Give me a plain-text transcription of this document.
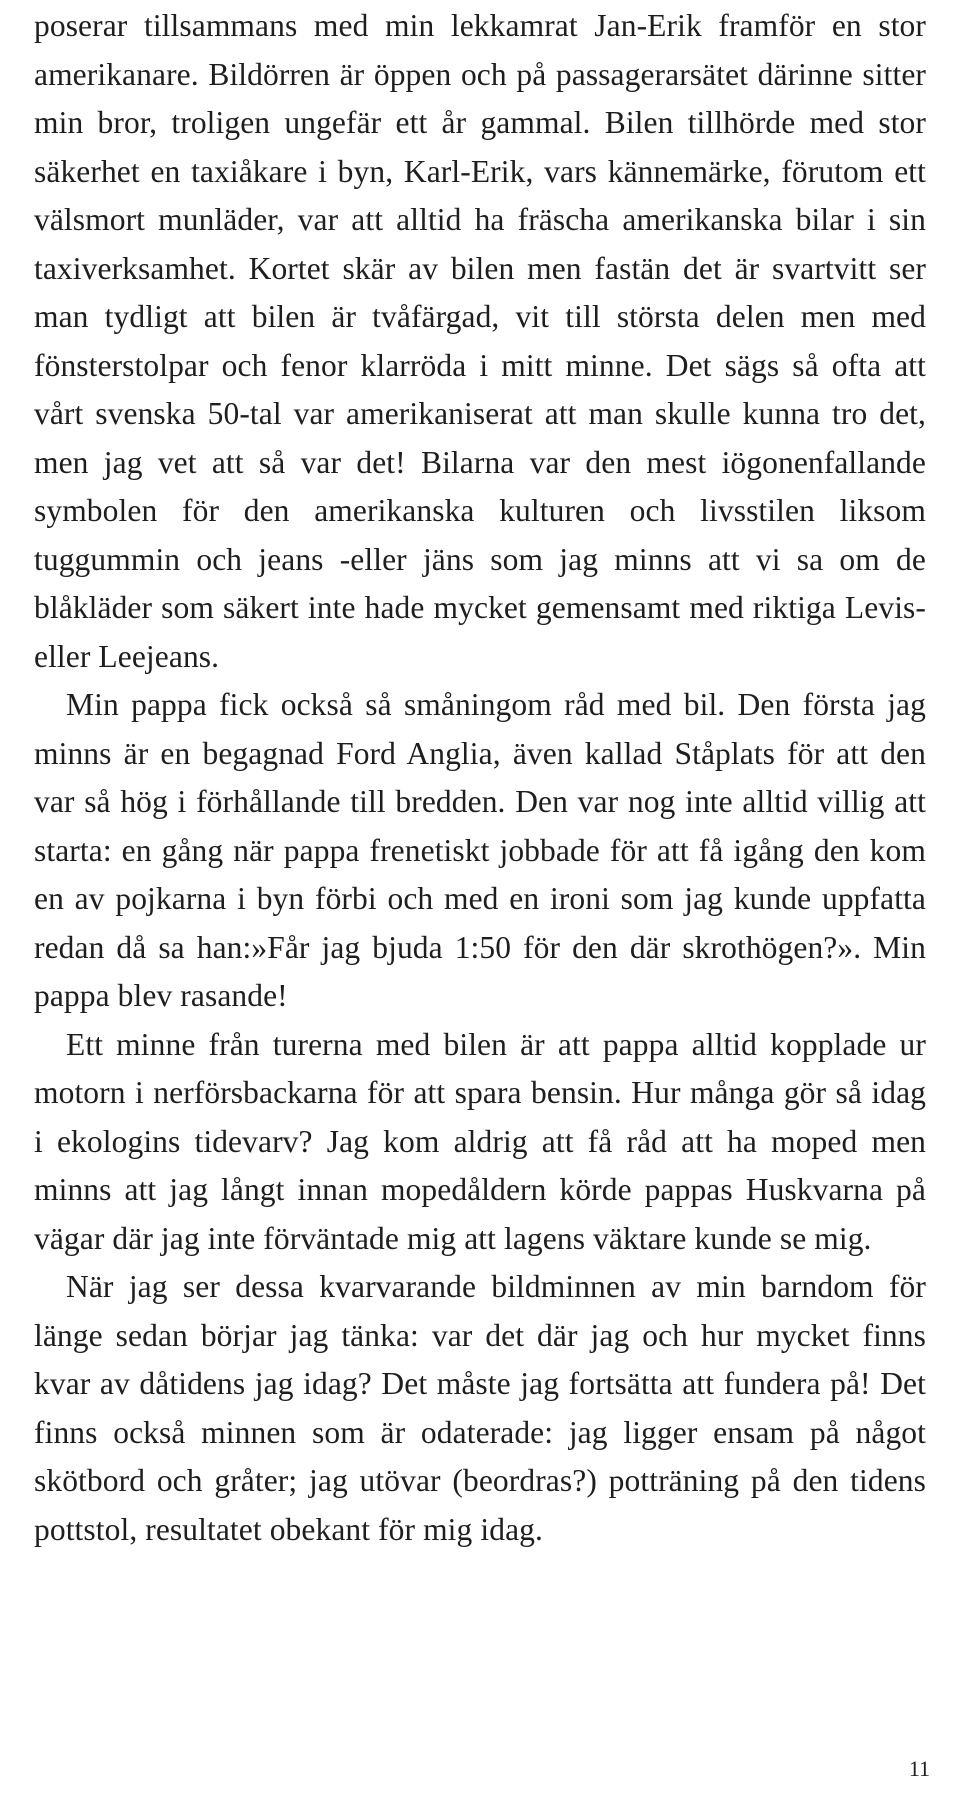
poserar tillsammans med min lekkamrat Jan-Erik framför en stor amerikanare. Bildörren är öppen och på passagerarsätet därinne sitter min bror, troligen ungefär ett år gammal. Bilen tillhörde med stor säkerhet en taxiåkare i byn, Karl-Erik, vars kännemärke, förutom ett välsmort munläder, var att alltid ha fräscha amerikanska bilar i sin taxiverksamhet. Kortet skär av bilen men fastän det är svartvitt ser man tydligt att bilen är tvåfärgad, vit till största delen men med fönsterstolpar och fenor klarröda i mitt minne. Det sägs så ofta att vårt svenska 50-tal var amerikaniserat att man skulle kunna tro det, men jag vet att så var det! Bilarna var den mest iögonenfallande symbolen för den amerikanska kulturen och livsstilen liksom tuggummin och jeans -eller jäns som jag minns att vi sa om de blåkläder som säkert inte hade mycket gemensamt med riktiga Levis- eller Leejeans.

Min pappa fick också så småningom råd med bil. Den första jag minns är en begagnad Ford Anglia, även kallad Ståplats för att den var så hög i förhållande till bredden. Den var nog inte alltid villig att starta: en gång när pappa frenetiskt jobbade för att få igång den kom en av pojkarna i byn förbi och med en ironi som jag kunde uppfatta redan då sa han:»Får jag bjuda 1:50 för den där skrothögen?». Min pappa blev rasande!

Ett minne från turerna med bilen är att pappa alltid kopplade ur motorn i nerförsbackarna för att spara bensin. Hur många gör så idag i ekologins tidevarv? Jag kom aldrig att få råd att ha moped men minns att jag långt innan mopedåldern körde pappas Huskvarna på vägar där jag inte förväntade mig att lagens väktare kunde se mig.

När jag ser dessa kvarvarande bildminnen av min barndom för länge sedan börjar jag tänka: var det där jag och hur mycket finns kvar av dåtidens jag idag? Det måste jag fortsätta att fundera på! Det finns också minnen som är odaterade: jag ligger ensam på något skötbord och gråter; jag utövar (beordras?) potträning på den tidens pottstol, resultatet obekant för mig idag.

11
